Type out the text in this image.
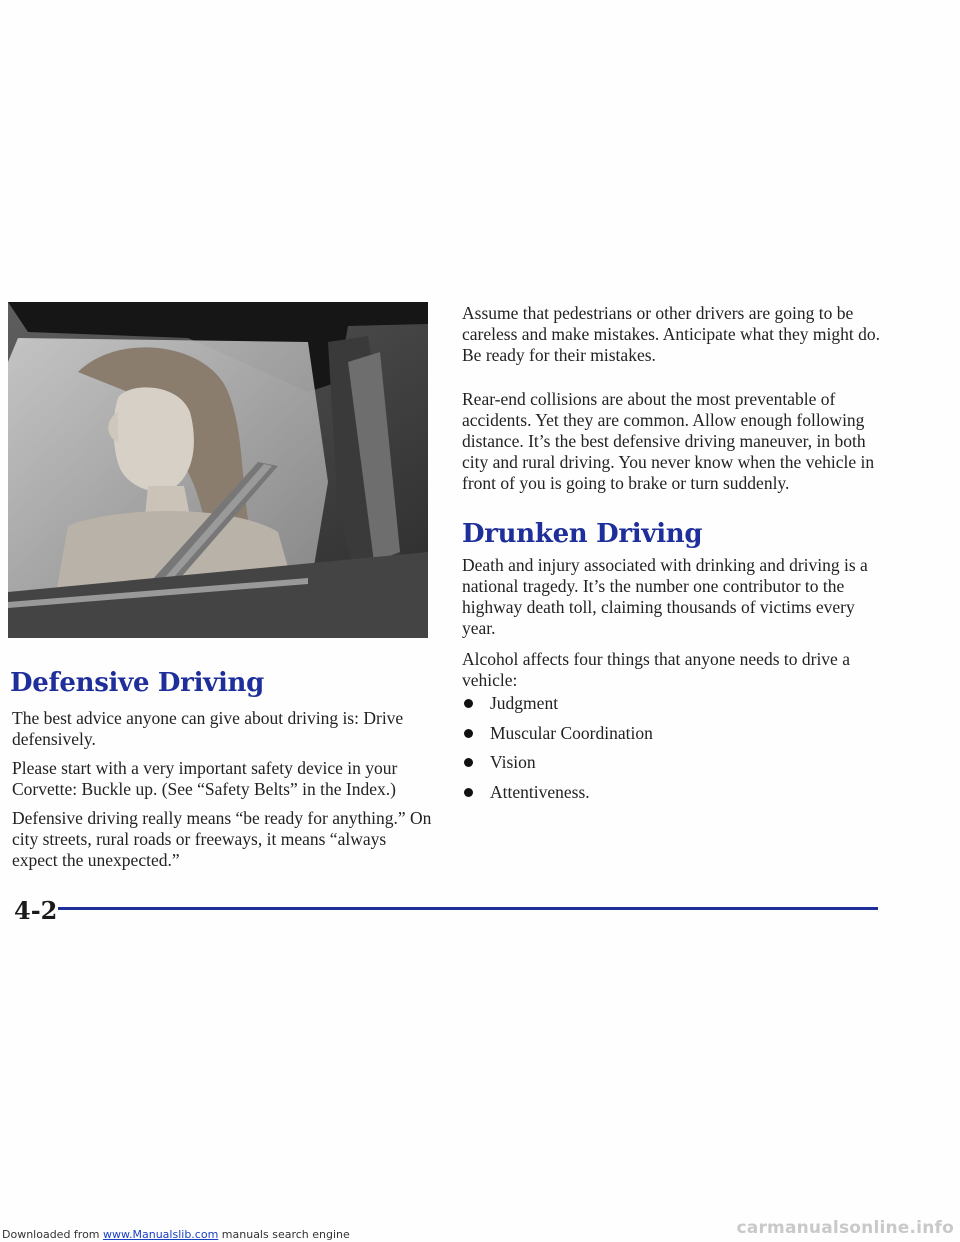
Defensive Driving

The best advice anyone can give about driving is: Drive defensively.

Please start with a very important safety device in your Corvette: Buckle up. (See “Safety Belts” in the Index.)

Defensive driving really means “be ready for anything.” On city streets, rural roads or freeways, it means “always expect the unexpected.”

Assume that pedestrians or other drivers are going to be careless and make mistakes. Anticipate what they might do. Be ready for their mistakes.

Rear-end collisions are about the most preventable of accidents. Yet they are common. Allow enough following distance. It’s the best defensive driving maneuver, in both city and rural driving. You never know when the vehicle in front of you is going to brake or turn suddenly.

Drunken Driving

Death and injury associated with drinking and driving is a national tragedy. It’s the number one contributor to the highway death toll, claiming thousands of victims every year.

Alcohol affects four things that anyone needs to drive a vehicle:

Judgment
Muscular Coordination
Vision
Attentiveness.
4-2
Downloaded from www.Manualslib.com manuals search engine	carmanualsonline.info
